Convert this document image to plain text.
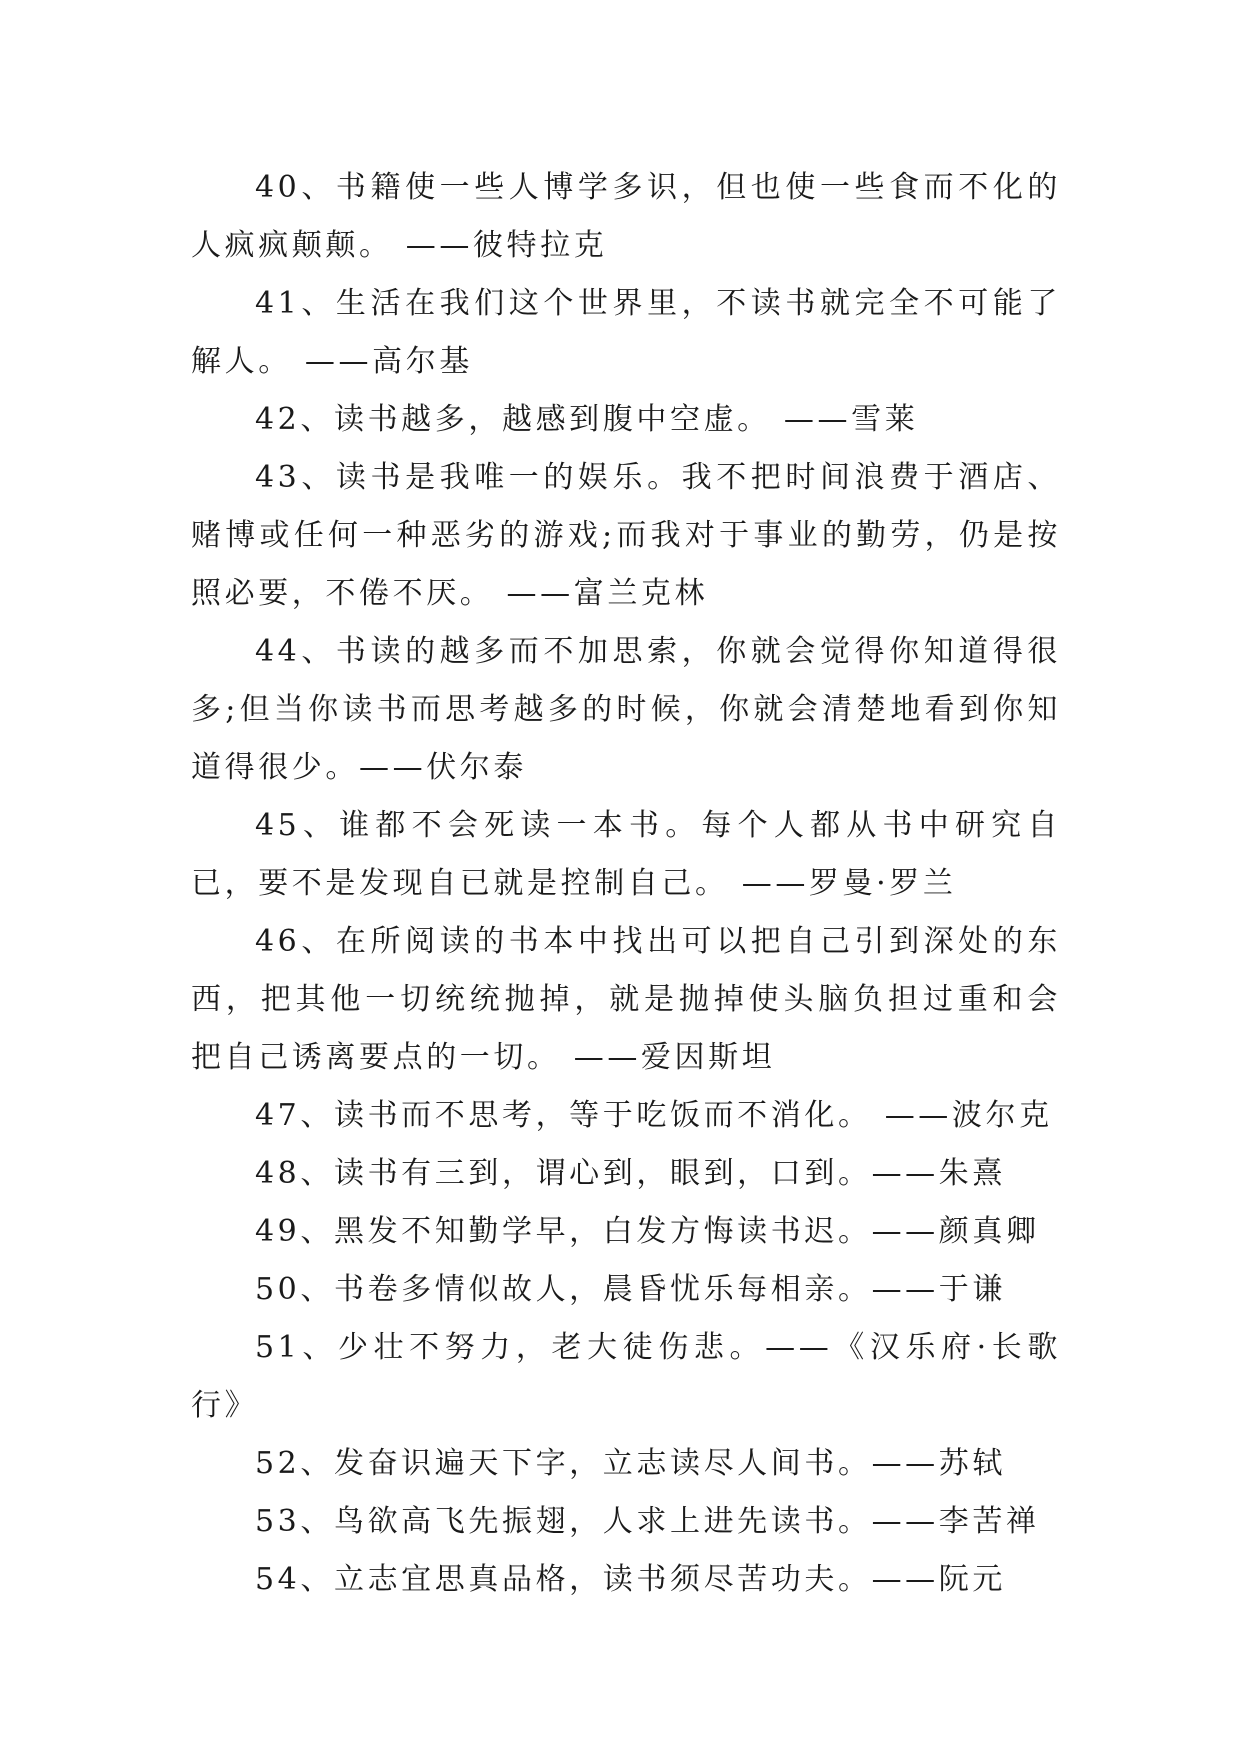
40、书籍使一些人博学多识，但也使一些食而不化的人疯疯颠颠。 ——彼特拉克

41、生活在我们这个世界里，不读书就完全不可能了解人。 ——高尔基

42、读书越多，越感到腹中空虚。 ——雪莱

43、读书是我唯一的娱乐。我不把时间浪费于酒店、赌博或任何一种恶劣的游戏;而我对于事业的勤劳，仍是按照必要，不倦不厌。 ——富兰克林

44、书读的越多而不加思索，你就会觉得你知道得很多;但当你读书而思考越多的时候，你就会清楚地看到你知道得很少。——伏尔泰

45、谁都不会死读一本书。每个人都从书中研究自已，要不是发现自已就是控制自己。 ——罗曼·罗兰

46、在所阅读的书本中找出可以把自己引到深处的东西，把其他一切统统抛掉，就是抛掉使头脑负担过重和会把自己诱离要点的一切。 ——爱因斯坦

47、读书而不思考，等于吃饭而不消化。 ——波尔克

48、读书有三到，谓心到，眼到，口到。——朱熹

49、黑发不知勤学早，白发方悔读书迟。——颜真卿

50、书卷多情似故人，晨昏忧乐每相亲。——于谦

51、少壮不努力，老大徒伤悲。——《汉乐府·长歌行》

52、发奋识遍天下字，立志读尽人间书。——苏轼

53、鸟欲高飞先振翅，人求上进先读书。——李苦禅

54、立志宜思真品格，读书须尽苦功夫。——阮元
